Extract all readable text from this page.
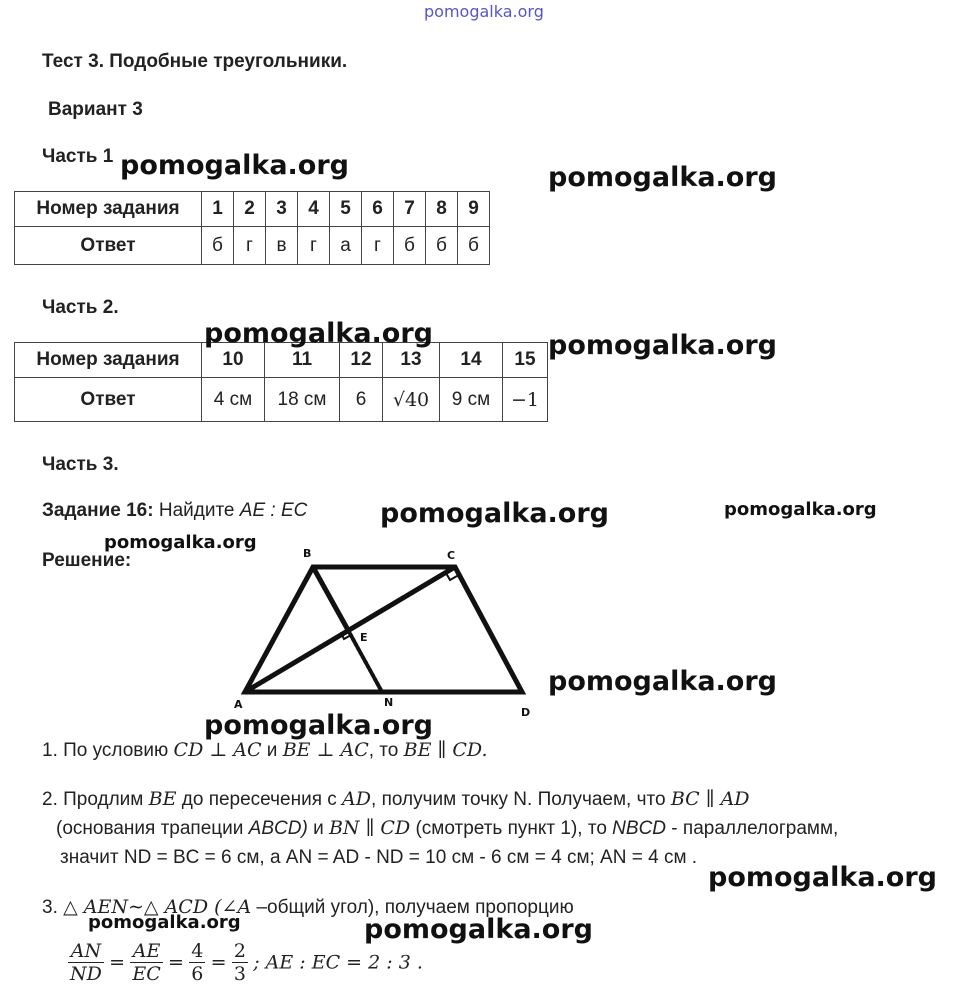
pomogalka.org
Тест 3. Подобные треугольники.
Вариант 3
Часть 1
Номер задания	1	2	3	4	5	6	7	8	9
Ответ	б	г	в	г	а	г	б	б	б
Часть 2.
Номер задания	10	11	12	13	14	15
Ответ	4 см	18 см	6	√40	9 см	−1
Часть 3.
Задание 16: Найдите AE : EC
Решение:	B	C
A
D
E
N
1. По условию CD ⊥ AC и BE ⊥ AC, то BE ∥ CD.
2. Продлим BE до пересечения с AD, получим точку N. Получаем, что BC ∥ AD
(основания трапеции ABCD) и BN ∥ CD (смотреть пункт 1), то NBCD - параллелограмм,
значит ND = BC = 6 см, а AN = AD - ND = 10 см - 6 см = 4 см; AN = 4 см .
3. △ AEN∼△ ACD (∠A –общий угол), получаем пропорцию
$\frac{AN}{ND} = \frac{AE}{EC} = \frac{4}{6} = \frac{2}{3}$ ; AE : EC = 2 : 3 .
pomogalka.org	pomogalka.org
pomogalka.org	pomogalka.org
pomogalka.org	pomogalka.org
pomogalka.org
pomogalka.org
pomogalka.org
pomogalka.org
pomogalka.org	pomogalka.org
